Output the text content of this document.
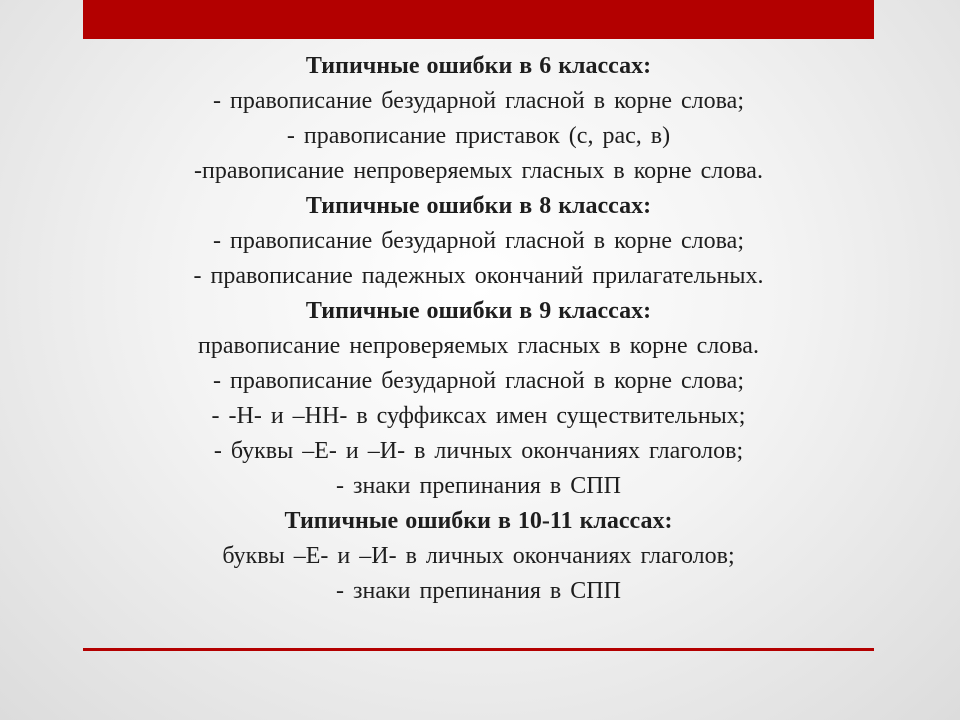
Типичные ошибки в 6 классах:
- правописание безударной гласной в корне слова;
- правописание приставок (с, рас, в)
-правописание непроверяемых гласных в корне слова.
Типичные ошибки в 8 классах:
- правописание безударной гласной в корне слова;
- правописание падежных окончаний прилагательных.
Типичные ошибки в 9 классах:
правописание непроверяемых гласных в корне слова.
- правописание безударной гласной в корне слова;
- -Н- и –НН- в суффиксах имен существительных;
- буквы –Е- и –И- в личных окончаниях глаголов;
- знаки препинания в СПП
Типичные ошибки в 10-11 классах:
буквы –Е- и –И- в личных окончаниях глаголов;
- знаки препинания в СПП
